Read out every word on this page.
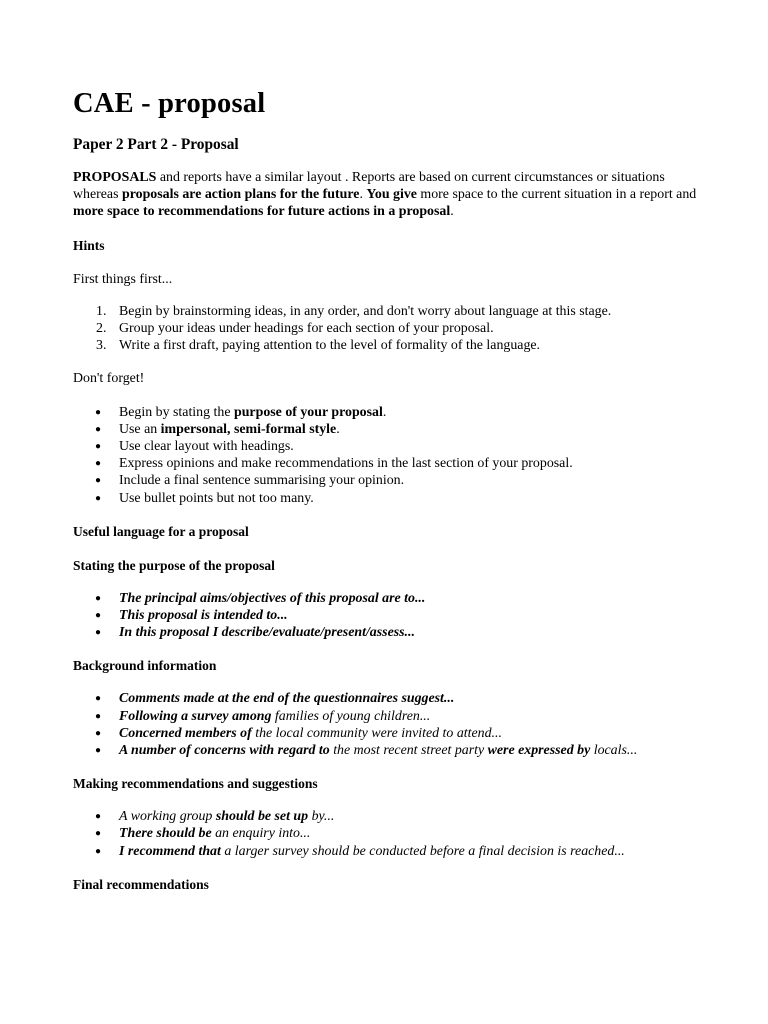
CAE - proposal
Paper 2 Part 2 - Proposal

PROPOSALS and reports have a similar layout . Reports are based on current circumstances or situations whereas proposals are action plans for the future. You give more space to the current situation in a report and more space to recommendations for future actions in a proposal.

Hints

First things first...

1. Begin by brainstorming ideas, in any order, and don't worry about language at this stage.
2. Group your ideas under headings for each section of your proposal.
3. Write a first draft, paying attention to the level of formality of the language.

Don't forget!

● Begin by stating the purpose of your proposal.
● Use an impersonal, semi-formal style.
● Use clear layout with headings.
● Express opinions and make recommendations in the last section of your proposal.
● Include a final sentence summarising your opinion.
● Use bullet points but not too many.
Useful language for a proposal
Stating the purpose of the proposal
● The principal aims/objectives of this proposal are to...
● This proposal is intended to...
● In this proposal I describe/evaluate/present/assess...
Background information
● Comments made at the end of the questionnaires suggest...
● Following a survey among families of young children...
● Concerned members of the local community were invited to attend...
● A number of concerns with regard to the most recent street party were expressed by locals...
Making recommendations and suggestions
● A working group should be set up by...
● There should be an enquiry into...
● I recommend that a larger survey should be conducted before a final decision is reached...
Final recommendations
